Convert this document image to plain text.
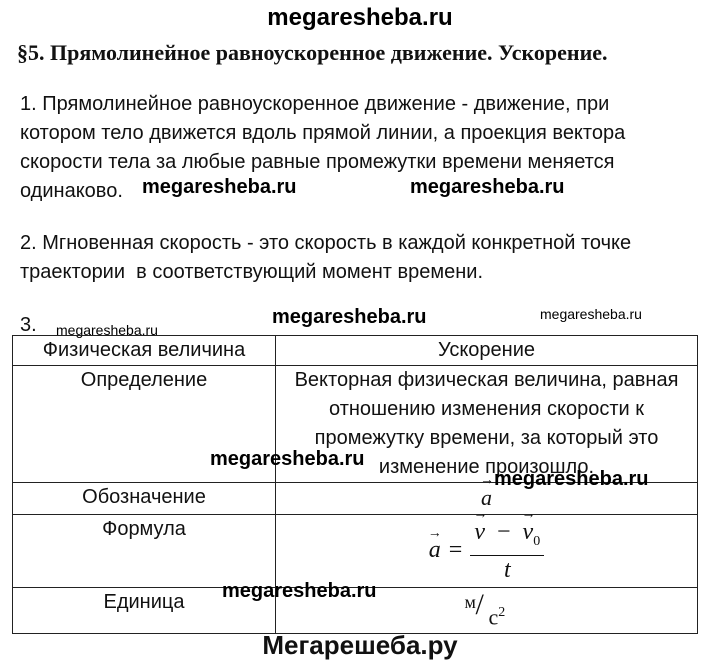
megaresheba.ru
§5. Прямолинейное равноускоренное движение. Ускорение.
1. Прямолинейное равноускоренное движение - движение, при
котором тело движется вдоль прямой линии, а проекция вектора
скорости тела за любые равные промежутки времени меняется
одинаково. megaresheba.ru	megaresheba.ru
2. Мгновенная скорость - это скорость в каждой конкретной точке
траектории  в соответствующий момент времени.
3. megaresheba.ru
megaresheba.ru	megaresheba.ru
Физическая величина	Ускорение
Определение	Векторная физическая величина, равная
отношению изменения скорости к
промежутку времени, за который это
изменение произошло.
Обозначение	→ a

Формула	→ a = → $\frac{v - \to v_0}{t}$

Единица	м / $с^2$
megaresheba.ru
megaresheba.ru
megaresheba.ru
Мегарешеба.ру
